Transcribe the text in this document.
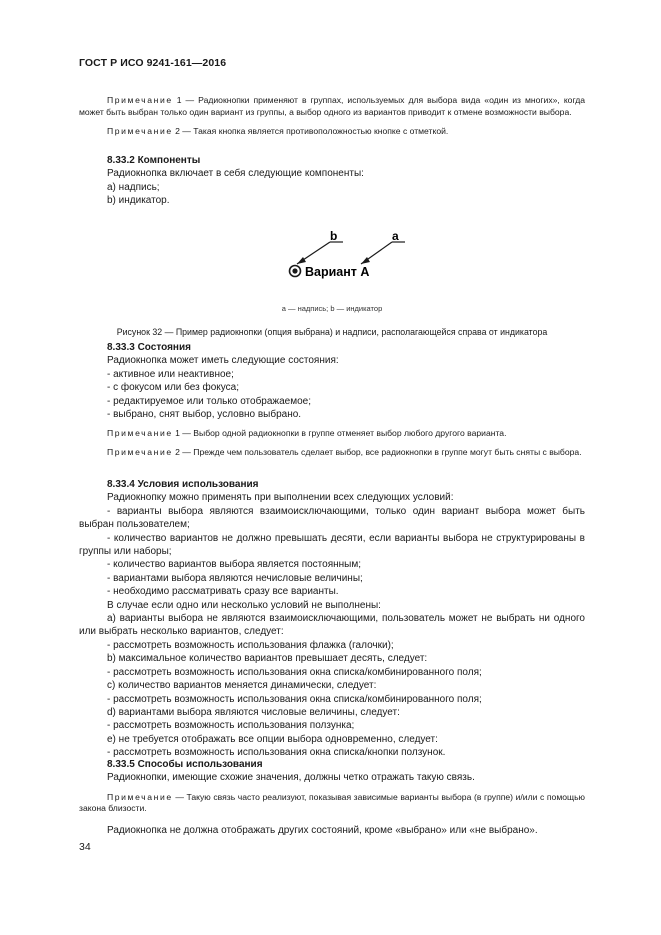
ГОСТ Р ИСО 9241-161—2016

Примечание 1 — Радиокнопки применяют в группах, используемых для выбора вида «один из многих», когда может быть выбран только один вариант из группы, а выбор одного из вариантов приводит к отмене возможности выбора.

Примечание 2 — Такая кнопка является противоположностью кнопке с отметкой.

8.33.2 Компоненты

Радиокнопка включает в себя следующие компоненты:

а) надпись;

b) индикатор.

b	a
Вариант А
а — надпись; b — индикатор
Рисунок 32 — Пример радиокнопки (опция выбрана) и надписи, располагающейся справа от индикатора

8.33.3 Состояния

Радиокнопка может иметь следующие состояния:

- активное или неактивное;

- с фокусом или без фокуса;

- редактируемое или только отображаемое;

- выбрано, снят выбор, условно выбрано.

Примечание 1 — Выбор одной радиокнопки в группе отменяет выбор любого другого варианта.

Примечание 2 — Прежде чем пользователь сделает выбор, все радиокнопки в группе могут быть сняты с выбора.

8.33.4 Условия использования

Радиокнопку можно применять при выполнении всех следующих условий:

- варианты выбора являются взаимоисключающими, только один вариант выбора может быть выбран пользователем;

- количество вариантов не должно превышать десяти, если варианты выбора не структурированы в группы или наборы;

- количество вариантов выбора является постоянным;

- вариантами выбора являются нечисловые величины;

- необходимо рассматривать сразу все варианты.

В случае если одно или несколько условий не выполнены:

а) варианты выбора не являются взаимоисключающими, пользователь может не выбрать ни одного или выбрать несколько вариантов, следует:

- рассмотреть возможность использования флажка (галочки);

b) максимальное количество вариантов превышает десять, следует:

- рассмотреть возможность использования окна списка/комбинированного поля;

с) количество вариантов меняется динамически, следует:

- рассмотреть возможность использования окна списка/комбинированного поля;

d) вариантами выбора являются числовые величины, следует:

- рассмотреть возможность использования ползунка;

е) не требуется отображать все опции выбора одновременно, следует:

- рассмотреть возможность использования окна списка/кнопки ползунок.

8.33.5 Способы использования

Радиокнопки, имеющие схожие значения, должны четко отражать такую связь.

Примечание — Такую связь часто реализуют, показывая зависимые варианты выбора (в группе) и/или с помощью закона близости.

Радиокнопка не должна отображать других состояний, кроме «выбрано» или «не выбрано».

34
